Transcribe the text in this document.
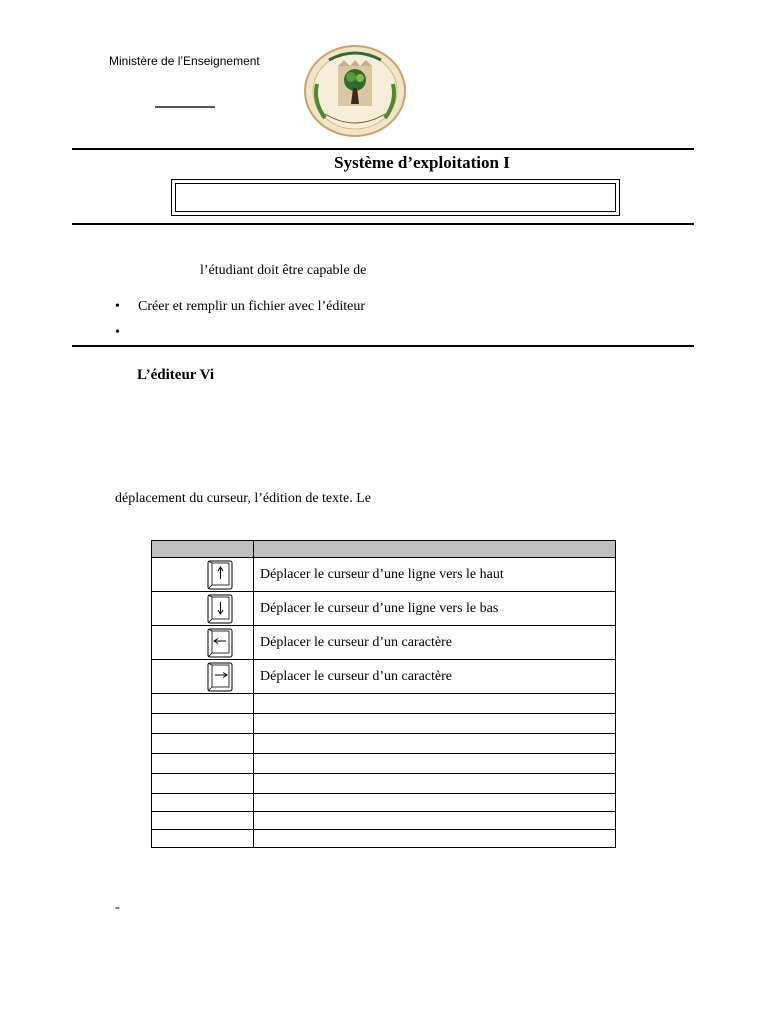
Ministère de l’Enseignement
Système d’exploitation I
l’étudiant doit être capable de
• Créer et remplir un fichier avec l’éditeur
•
L’éditeur Vi
déplacement du curseur, l’édition de texte. Le

	Déplacer le curseur d’une ligne vers le haut
	Déplacer le curseur d’une ligne vers le bas
	Déplacer le curseur d’un caractère
	Déplacer le curseur d’un caractère

-
